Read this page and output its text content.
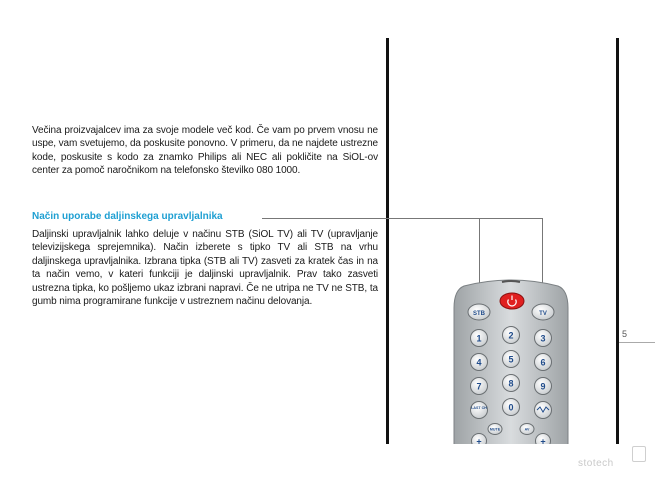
Večina proizvajalcev ima za svoje modele več kod. Če vam po prvem vnosu ne uspe, vam svetujemo, da poskusite ponovno. V primeru, da ne najdete ustrezne kode, poskusite s kodo za znamko Philips ali NEC ali pokličite na SiOL-ov center za pomoč naročnikom na telefonsko številko 080 1000.

Način uporabe daljinskega upravljalnika

Daljinski upravljalnik lahko deluje v načinu STB (SiOL TV) ali TV (upravljanje televizijskega sprejemnika). Način izberete s tipko TV ali STB na vrhu daljinskega upravljalnika. Izbrana tipka (STB ali TV) zasveti za kratek čas in na ta način vemo, v kateri funkciji je daljinski upravljalnik. Prav tako zasveti ustrezna tipka, ko pošljemo ukaz izbrani napravi. Če ne utripa ne TV ne STB, ta gumb nima programirane funkcije v ustreznem načinu delovanja.

STB	TV
1	2	3
4	5	6
7	8	9
LAST CH 0
MUTE	AV
+	+
5
stotech
